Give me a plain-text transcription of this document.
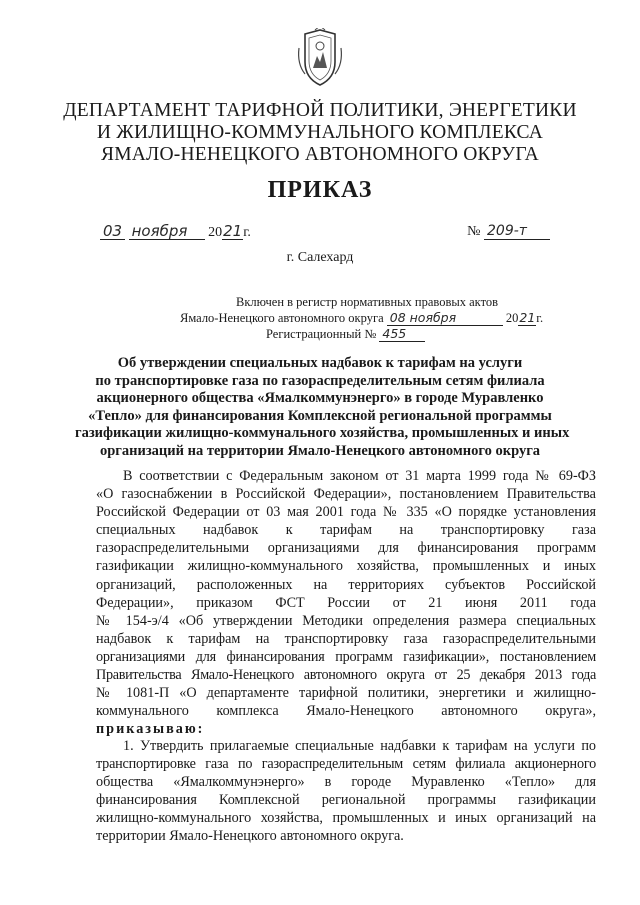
ДЕПАРТАМЕНТ ТАРИФНОЙ ПОЛИТИКИ, ЭНЕРГЕТИКИ
И ЖИЛИЩНО-КОММУНАЛЬНОГО КОМПЛЕКСА
ЯМАЛО-НЕНЕЦКОГО АВТОНОМНОГО ОКРУГА
ПРИКАЗ
03 ноября 2021г.	№ 209-т
г. Салехард
Включен в регистр нормативных правовых актов
Ямало-Ненецкого автономного округа 08 ноября	2021г.
Регистрационный № 455
Об утверждении специальных надбавок к тарифам на услуги
по транспортировке газа по газораспределительным сетям филиала
акционерного общества «Ямалкоммунэнерго» в городе Муравленко
«Тепло» для финансирования Комплексной региональной программы
газификации жилищно-коммунального хозяйства, промышленных и иных
организаций на территории Ямало-Ненецкого автономного округа
В соответствии с Федеральным законом от 31 марта 1999 года № 69-ФЗ
«О газоснабжении в Российской Федерации», постановлением Правительства
Российской Федерации от 03 мая 2001 года № 335 «О порядке установления
специальных надбавок к тарифам на транспортировку газа
газораспределительными организациями для финансирования программ
газификации жилищно-коммунального хозяйства, промышленных и иных
организаций, расположенных на территориях субъектов Российской
Федерации», приказом ФСТ России от 21 июня 2011 года
№ 154-э/4 «Об утверждении Методики определения размера специальных
надбавок к тарифам на транспортировку газа газораспределительными
организациями для финансирования программ газификации», постановлением
Правительства Ямало-Ненецкого автономного округа от 25 декабря 2013 года
№ 1081-П «О департаменте тарифной политики, энергетики и жилищно-
коммунального комплекса Ямало-Ненецкого автономного округа»,
приказываю:
1. Утвердить прилагаемые специальные надбавки к тарифам на услуги по
транспортировке газа по газораспределительным сетям филиала акционерного
общества «Ямалкоммунэнерго» в городе Муравленко «Тепло» для
финансирования Комплексной региональной программы газификации
жилищно-коммунального хозяйства, промышленных и иных организаций на
территории Ямало-Ненецкого автономного округа.
